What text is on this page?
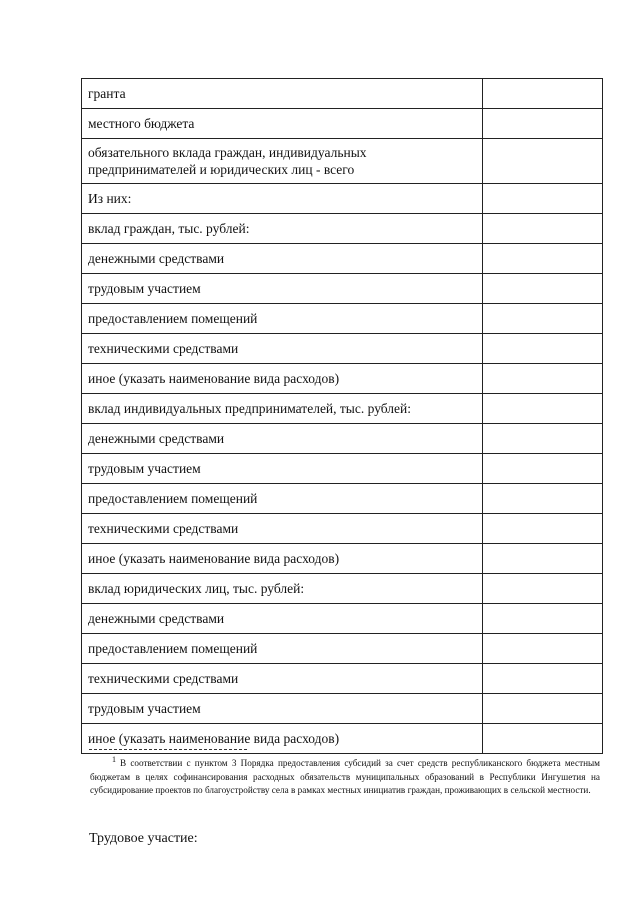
гранта	
местного бюджета	
обязательного вклада граждан, индивидуальных предпринимателей и юридических лиц - всего	
Из них:	
вклад граждан, тыс. рублей:	
денежными средствами	
трудовым участием	
предоставлением помещений	
техническими средствами	
иное (указать наименование вида расходов)	
вклад индивидуальных предпринимателей, тыс. рублей:	
денежными средствами	
трудовым участием	
предоставлением помещений	
техническими средствами	
иное (указать наименование вида расходов)	
вклад юридических лиц, тыс. рублей:	
денежными средствами	
предоставлением помещений	
техническими средствами	
трудовым участием	
иное (указать наименование вида расходов)	
1 В соответствии с пунктом 3 Порядка предоставления субсидий за счет средств республиканского бюджета местным бюджетам в целях софинансирования расходных обязательств муниципальных образований в Республики Ингушетия на субсидирование проектов по благоустройству села в рамках местных инициатив граждан, проживающих в сельской местности.
Трудовое участие:
